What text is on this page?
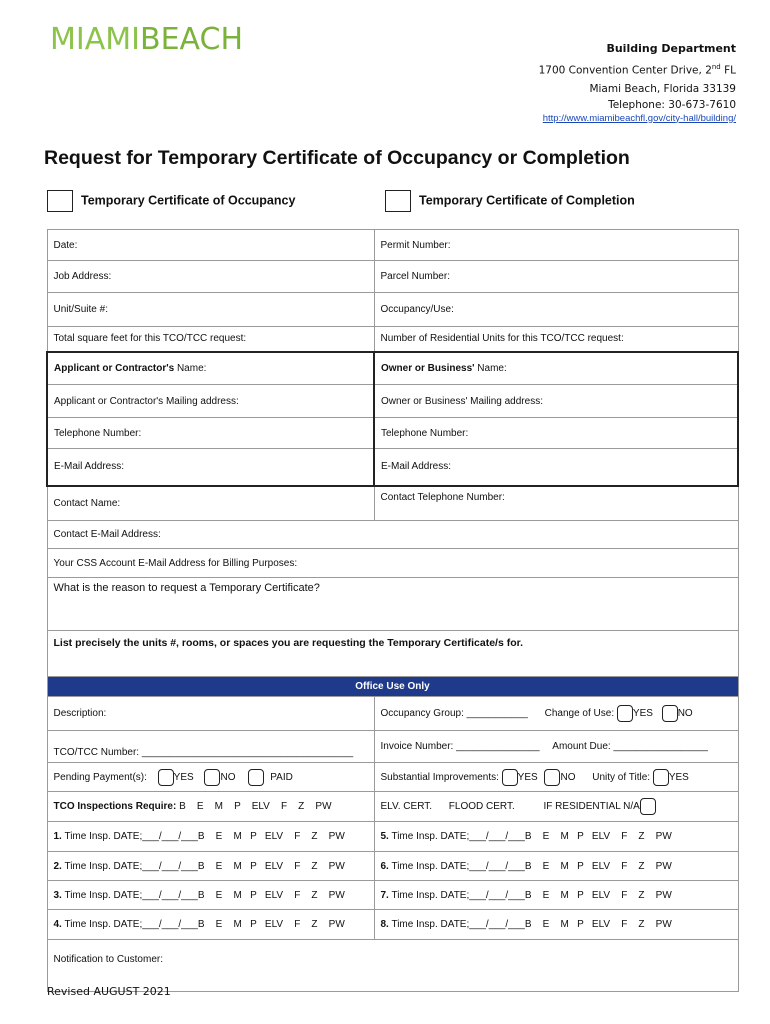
MIAMIBEACH	Building Department
1700 Convention Center Drive, 2nd FL
Miami Beach, Florida 33139
Telephone: 30-673-7610
http://www.miamibeachfl.gov/city-hall/building/
Request for Temporary Certificate of Occupancy or Completion
Temporary Certificate of Occupancy	Temporary Certificate of Completion
Date:	Permit Number:
Job Address:	Parcel Number:
Unit/Suite #:	Occupancy/Use:
Total square feet for this TCO/TCC request:	Number of Residential Units for this TCO/TCC request:
Applicant or Contractor's Name:	Owner or Business' Name:
Applicant or Contractor's Mailing address:	Owner or Business' Mailing address:
Telephone Number:	Telephone Number:
E-Mail Address:	E-Mail Address:
Contact Name:	Contact Telephone Number:
Contact E-Mail Address:	
Your CSS Account E-Mail Address for Billing Purposes:	
What is the reason to request a Temporary Certificate?	
List precisely the units #, rooms, or spaces you are requesting the Temporary Certificate/s for.	
Office Use Only	
Description:	Occupancy Group: ___________ Change of Use: YES NO
TCO/TCC Number: ______________________________________	Invoice Number: _______________ Amount Due: _________________
Pending Payment(s): YES NO PAID	Substantial Improvements: YES NO Unity of Title: YES
TCO Inspections Require: B    E    M    P    ELV    F    Z    PW	ELV. CERT. FLOOD CERT. IF RESIDENTIAL N/A
1. Time Insp. DATE;___/___/___B    E    M   P   ELV    F    Z    PW	5. Time Insp. DATE;___/___/___B    E    M   P   ELV    F    Z    PW
2. Time Insp. DATE;___/___/___B    E    M   P   ELV    F    Z    PW	6. Time Insp. DATE;___/___/___B    E    M   P   ELV    F    Z    PW
3. Time Insp. DATE;___/___/___B    E    M   P   ELV    F    Z    PW	7. Time Insp. DATE;___/___/___B    E    M   P   ELV    F    Z    PW
4. Time Insp. DATE;___/___/___B    E    M   P   ELV    F    Z    PW	8. Time Insp. DATE;___/___/___B    E    M   P   ELV    F    Z    PW
Notification to Customer:	
Revised AUGUST 2021
